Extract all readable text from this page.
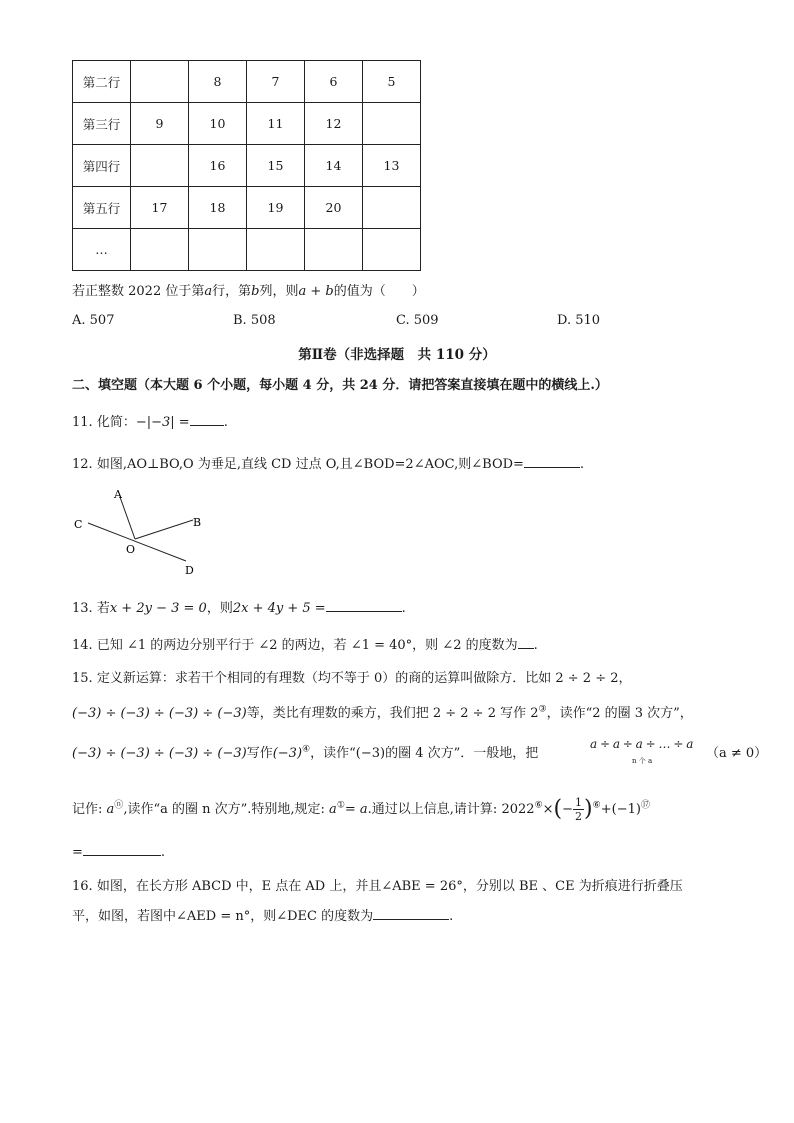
第二行		8	7	6	5
第三行	9	10	11	12	
第四行		16	15	14	13
第五行	17	18	19	20	
…					
若正整数 2022 位于第a行，第b列，则a + b的值为（　　）
A. 507	B. 508	C. 509	D. 510
第Ⅱ卷（非选择题　共 110 分）
二、填空题（本大题 6 个小题，每小题 4 分，共 24 分．请把答案直接填在题中的横线上.）
11. 化简：−|−3| =	.
12. 如图,AO⊥BO,O 为垂足,直线 CD 过点 O,且∠BOD=2∠AOC,则∠BOD=	.
A
B
C
D
O
13. 若x + 2y − 3 = 0，则2x + 4y + 5 =	.
14. 已知 ∠1 的两边分别平行于 ∠2 的两边，若 ∠1 = 40°，则 ∠2 的度数为 .
15. 定义新运算：求若干个相同的有理数（均不等于 0）的商的运算叫做除方．比如 2 ÷ 2 ÷ 2，
(−3) ÷ (−3) ÷ (−3) ÷ (−3)等，类比有理数的乘方，我们把 2 ÷ 2 ÷ 2 写作 2③，读作“2 的圈 3 次方”，
(−3) ÷ (−3) ÷ (−3) ÷ (−3)写作(−3)④，读作“(−3)的圈 4 次方”．一般地，把
a ÷ a ÷ a ÷ … ÷ a
n 个 a	（a ≠ 0）
记作: aⓝ,读作“a 的圈 n 次方”.特别地,规定: a①= a.通过以上信息,请计算: $2022^⑥\times(- \frac{1}{2} )^⑥+(-1)^⑰$
=	.
16. 如图，在长方形 ABCD 中，E 点在 AD 上，并且∠ABE = 26°，分别以 BE 、CE 为折痕进行折叠压
平，如图，若图中∠AED = n°，则∠DEC 的度数为	.
